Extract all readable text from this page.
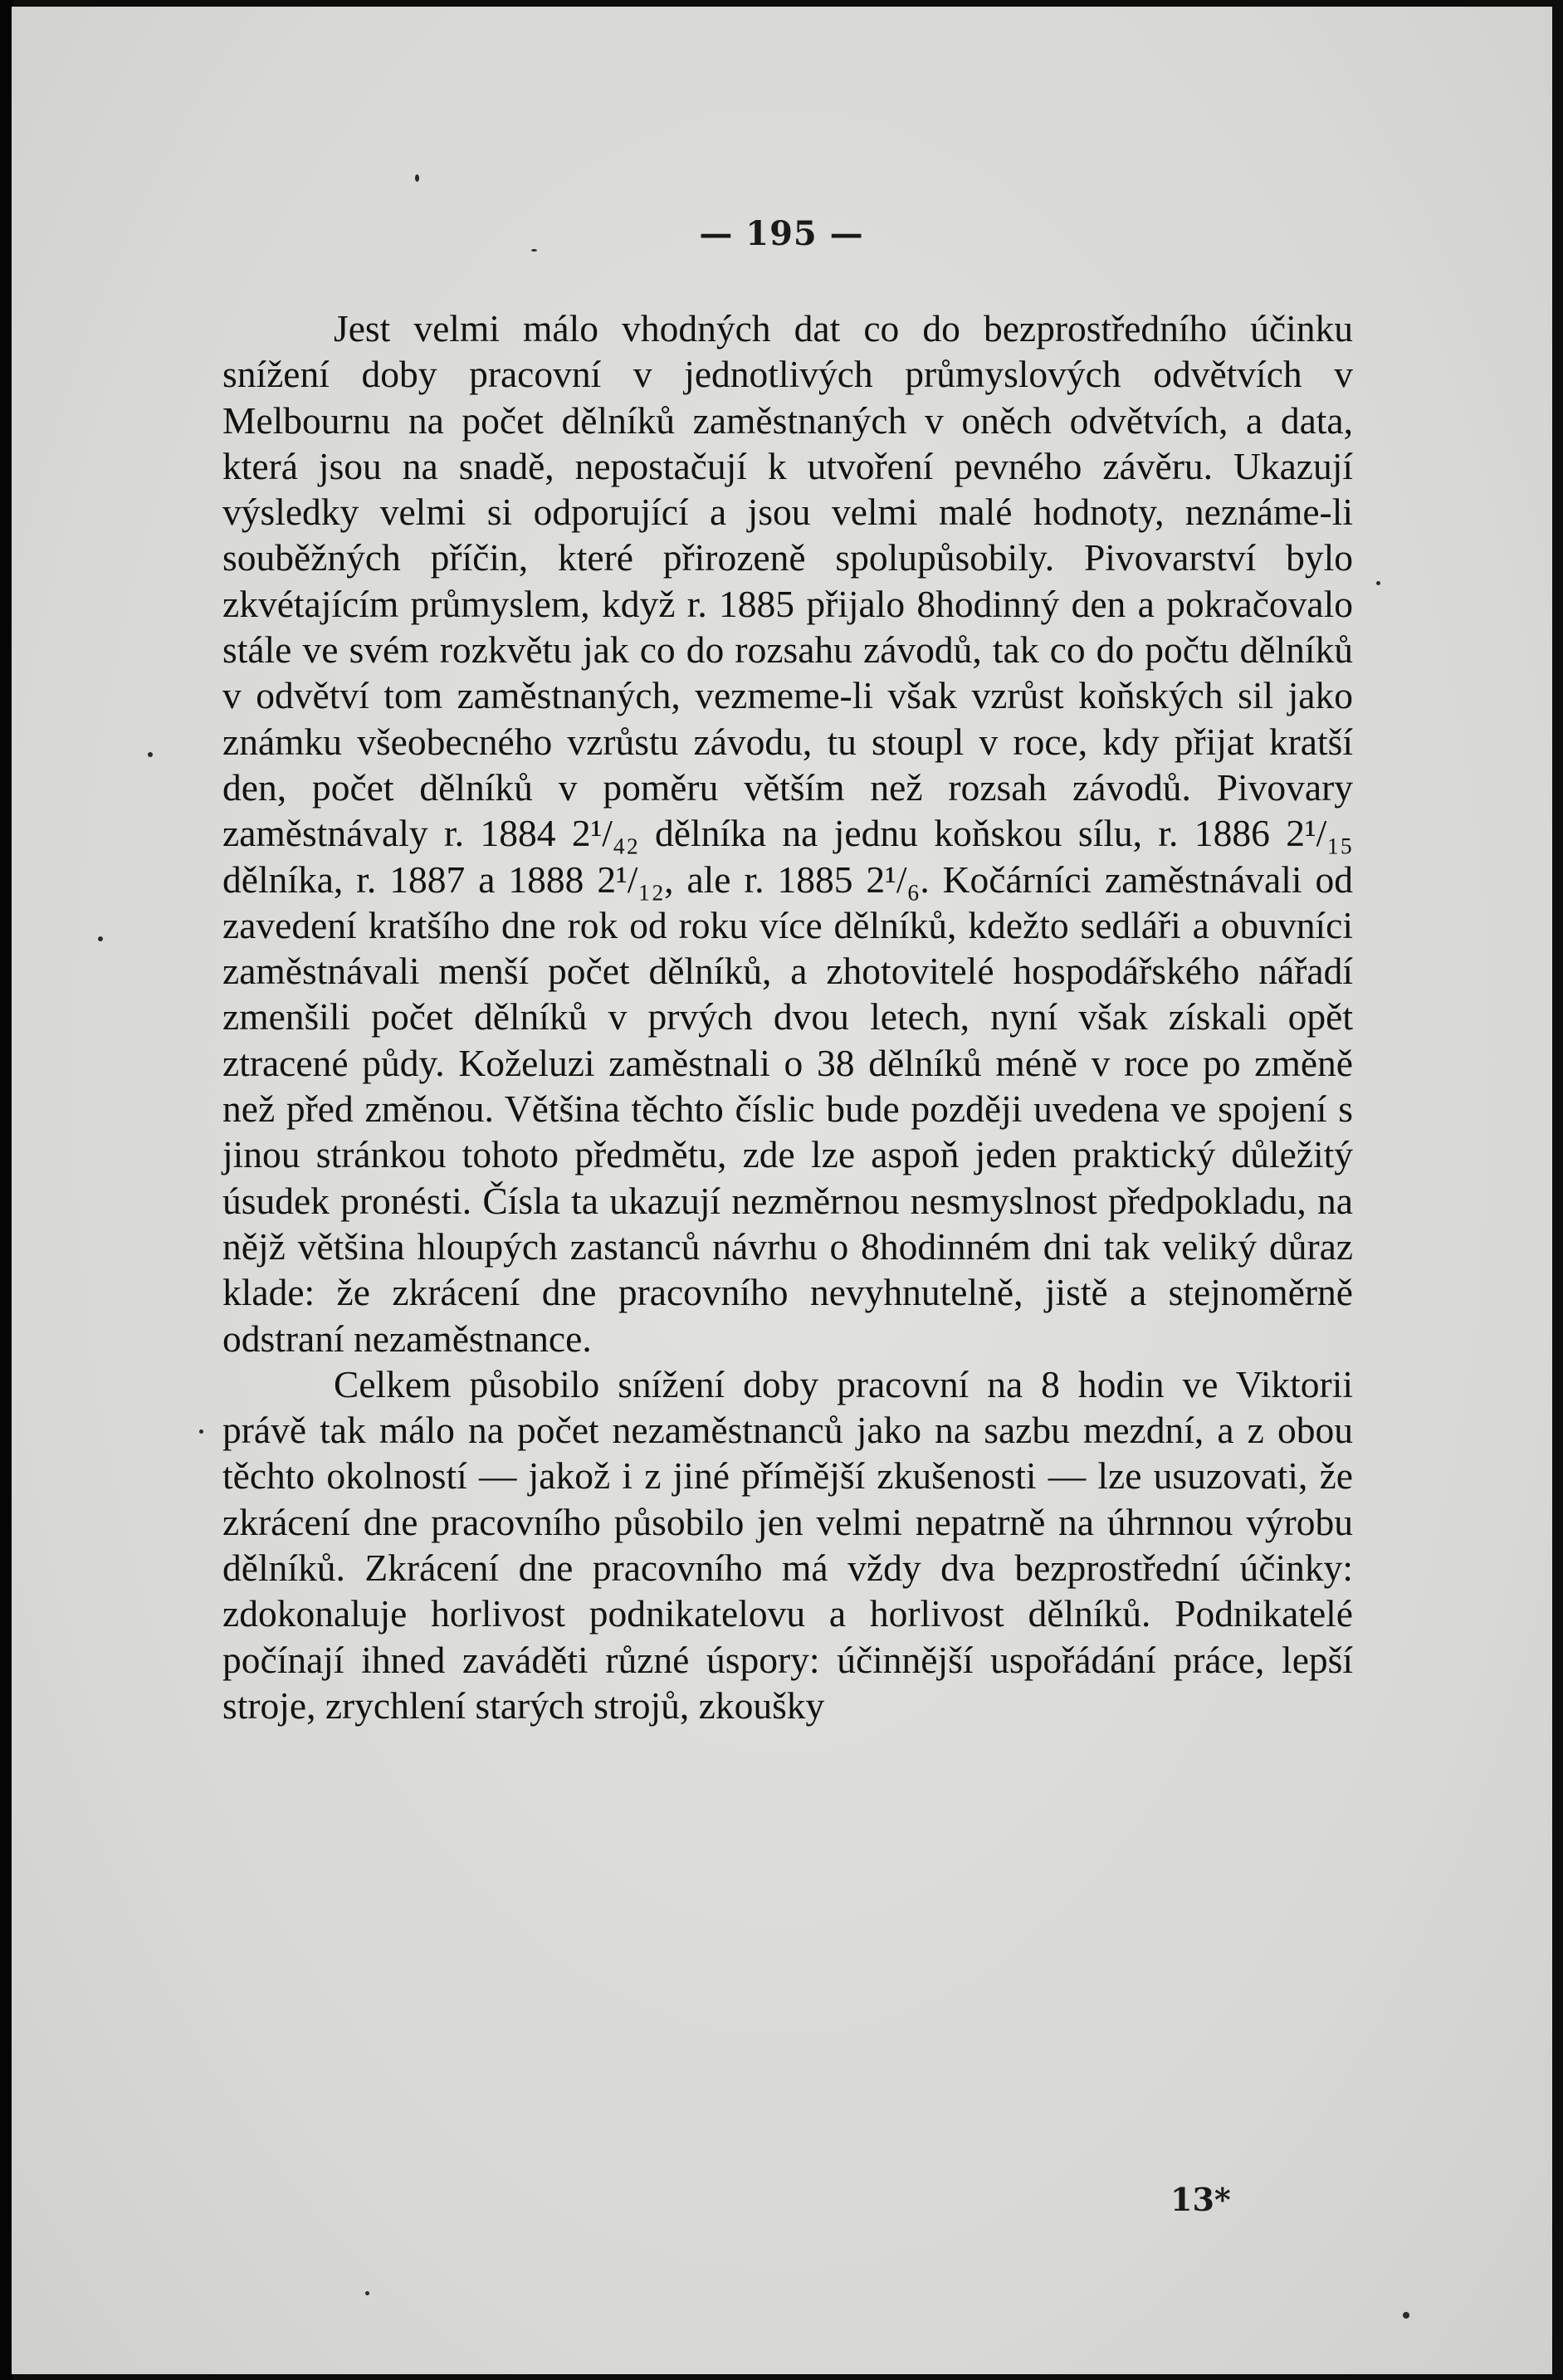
— 195 —

Jest velmi málo vhodných dat co do bezprostředního účinku snížení doby pracovní v jednotlivých průmyslových odvětvích v Melbournu na počet dělníků zaměstnaných v oněch odvětvích, a data, která jsou na snadě, nepostačují k utvoření pevného závěru. Ukazují výsledky velmi si odporující a jsou velmi malé hodnoty, neznáme-li souběžných příčin, které přirozeně spolupůsobily. Pivovarství bylo zkvétajícím průmyslem, když r. 1885 přijalo 8hodinný den a pokračovalo stále ve svém rozkvětu jak co do rozsahu závodů, tak co do počtu dělníků v odvětví tom zaměstnaných, vezmeme-li však vzrůst koňských sil jako známku všeobecného vzrůstu závodu, tu stoupl v roce, kdy přijat kratší den, počet dělníků v poměru větším než rozsah závodů. Pivovary zaměstnávaly r. 1884 2¹/₄₂ dělníka na jednu koňskou sílu, r. 1886 2¹/₁₅ dělníka, r. 1887 a 1888 2¹/₁₂, ale r. 1885 2¹/₆. Kočárníci zaměstnávali od zavedení kratšího dne rok od roku více dělníků, kdežto sedláři a obuvníci zaměstnávali menší počet dělníků, a zhotovitelé hospodářského nářadí zmenšili počet dělníků v prvých dvou letech, nyní však získali opět ztracené půdy. Koželuzi zaměstnali o 38 dělníků méně v roce po změně než před změnou. Většina těchto číslic bude později uvedena ve spojení s jinou stránkou tohoto předmětu, zde lze aspoň jeden praktický důležitý úsudek pronésti. Čísla ta ukazují nezměrnou nesmyslnost předpokladu, na nějž většina hloupých zastanců návrhu o 8hodinném dni tak veliký důraz klade: že zkrácení dne pracovního nevyhnutelně, jistě a stejnoměrně odstraní nezaměstnance.

Celkem působilo snížení doby pracovní na 8 hodin ve Viktorii právě tak málo na počet nezaměstnanců jako na sazbu mezdní, a z obou těchto okolností — jakož i z jiné přímější zkušenosti — lze usuzovati, že zkrácení dne pracovního působilo jen velmi nepatrně na úhrnnou výrobu dělníků. Zkrácení dne pracovního má vždy dva bezprostřední účinky: zdokonaluje horlivost podnikatelovu a horlivost dělníků. Podnikatelé počínají ihned zaváděti různé úspory: účinnější uspořádání práce, lepší stroje, zrychlení starých strojů, zkoušky

13*
